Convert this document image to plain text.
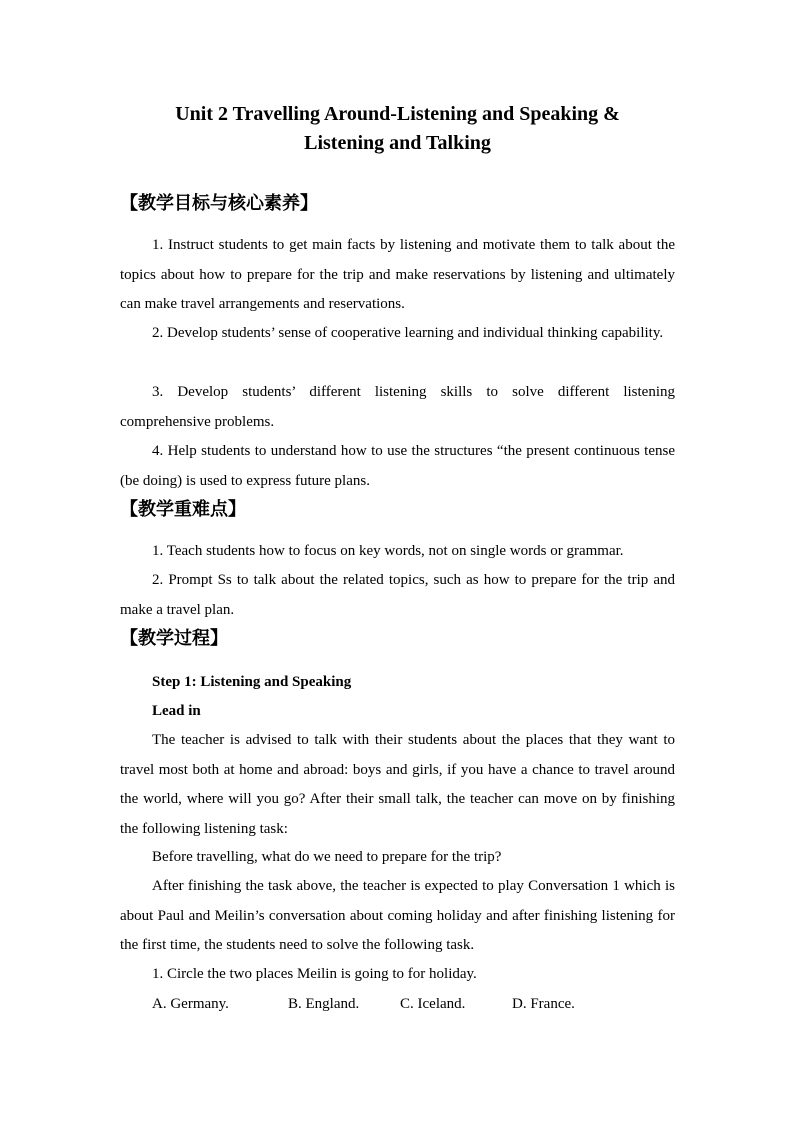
Unit 2 Travelling Around-Listening and Speaking &
Listening and Talking
【教学目标与核心素养】

1. Instruct students to get main facts by listening and motivate them to talk about the topics about how to prepare for the trip and make reservations by listening and ultimately can make travel arrangements and reservations.

2. Develop students’ sense of cooperative learning and individual thinking capability.

3. Develop students’ different listening skills to solve different listening comprehensive problems.

4. Help students to understand how to use the structures “the present continuous tense (be doing) is used to express future plans.

【教学重难点】

1. Teach students how to focus on key words, not on single words or grammar.

2. Prompt Ss to talk about the related topics, such as how to prepare for the trip and make a travel plan.

【教学过程】
Step 1: Listening and Speaking
Lead in

The teacher is advised to talk with their students about the places that they want to travel most both at home and abroad: boys and girls, if you have a chance to travel around the world, where will you go? After their small talk, the teacher can move on by finishing the following listening task:

Before travelling, what do we need to prepare for the trip?

After finishing the task above, the teacher is expected to play Conversation 1 which is about Paul and Meilin’s conversation about coming holiday and after finishing listening for the first time, the students need to solve the following task.

1. Circle the two places Meilin is going to for holiday.

A. Germany.	B. England.	C. Iceland.	D. France.
